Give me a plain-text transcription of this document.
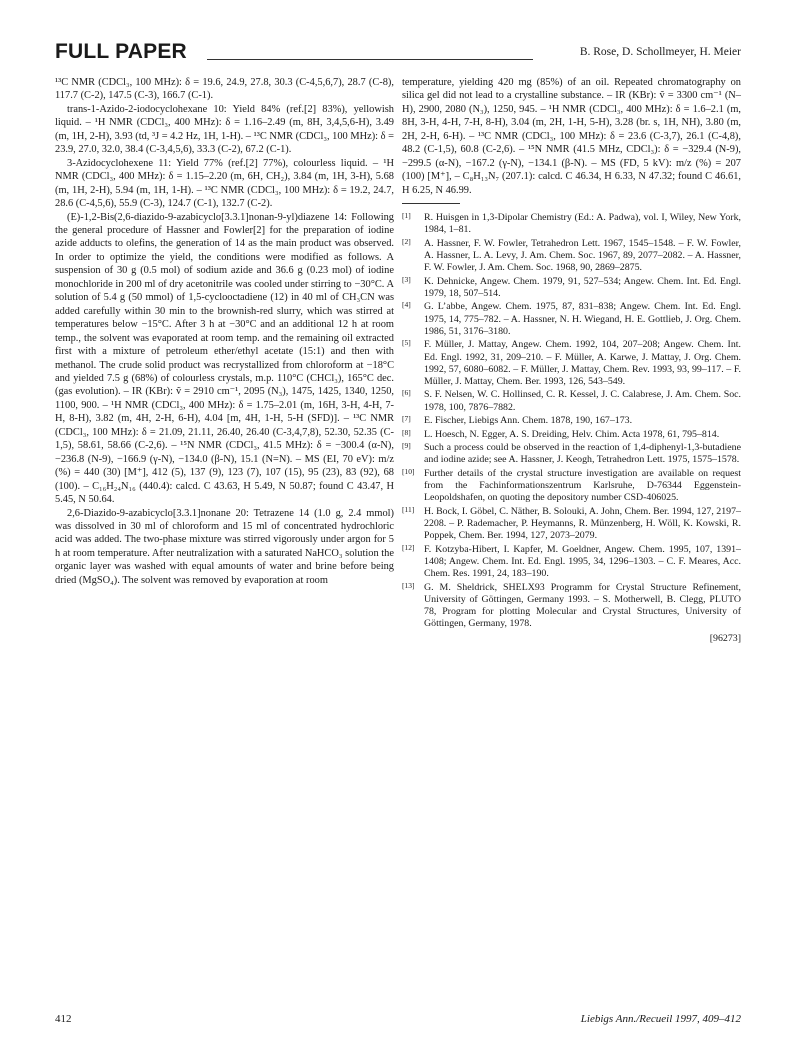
FULL PAPER	B. Rose, D. Schollmeyer, H. Meier

¹³C NMR (CDCl₃, 100 MHz): δ = 19.6, 24.9, 27.8, 30.3 (C-4,5,6,7), 28.7 (C-8), 117.7 (C-2), 147.5 (C-3), 166.7 (C-1).

trans-1-Azido-2-iodocyclohexane 10: Yield 84% (ref.[2] 83%), yellowish liquid. – ¹H NMR (CDCl₃, 400 MHz): δ = 1.16–2.49 (m, 8H, 3,4,5,6-H), 3.49 (m, 1H, 2-H), 3.93 (td, ³J = 4.2 Hz, 1H, 1-H). – ¹³C NMR (CDCl₃, 100 MHz): δ = 23.9, 27.0, 32.0, 38.4 (C-3,4,5,6), 33.3 (C-2), 67.2 (C-1).

3-Azidocyclohexene 11: Yield 77% (ref.[2] 77%), colourless liquid. – ¹H NMR (CDCl₃, 400 MHz): δ = 1.15–2.20 (m, 6H, CH₂), 3.84 (m, 1H, 3-H), 5.68 (m, 1H, 2-H), 5.94 (m, 1H, 1-H). – ¹³C NMR (CDCl₃, 100 MHz): δ = 19.2, 24.7, 28.6 (C-4,5,6), 55.9 (C-3), 124.7 (C-1), 132.7 (C-2).

(E)-1,2-Bis(2,6-diazido-9-azabicyclo[3.3.1]nonan-9-yl)diazene 14: Following the general procedure of Hassner and Fowler[2] for the preparation of iodine azide adducts to olefins, the generation of 14 as the main product was observed. In order to optimize the yield, the conditions were modified as follows. A suspension of 30 g (0.5 mol) of sodium azide and 36.6 g (0.23 mol) of iodine monochloride in 200 ml of dry acetonitrile was cooled under stirring to −30°C. A solution of 5.4 g (50 mmol) of 1,5-cyclooctadiene (12) in 40 ml of CH₃CN was added carefully within 30 min to the brownish-red slurry, which was stirred at temperatures below −15°C. After 3 h at −30°C and an additional 12 h at room temp., the solvent was evaporated at room temp. and the remaining oil extracted first with a mixture of petroleum ether/ethyl acetate (15:1) and then with methanol. The crude solid product was recrystallized from chloroform at −18°C and yielded 7.5 g (68%) of colourless crystals, m.p. 110°C (CHCl₃), 165°C dec. (gas evolution). – IR (KBr): ṽ = 2910 cm⁻¹, 2095 (N₃), 1475, 1425, 1340, 1250, 1100, 900. – ¹H NMR (CDCl₃, 400 MHz): δ = 1.75–2.01 (m, 16H, 3-H, 4-H, 7-H, 8-H), 3.82 (m, 4H, 2-H, 6-H), 4.04 [m, 4H, 1-H, 5-H (SFD)]. – ¹³C NMR (CDCl₃, 100 MHz): δ = 21.09, 21.11, 26.40, 26.40 (C-3,4,7,8), 52.30, 52.35 (C-1,5), 58.61, 58.66 (C-2,6). – ¹⁵N NMR (CDCl₃, 41.5 MHz): δ = −300.4 (α-N), −236.8 (N-9), −166.9 (γ-N), −134.0 (β-N), 15.1 (N=N). – MS (EI, 70 eV): m/z (%) = 440 (30) [M⁺], 412 (5), 137 (9), 123 (7), 107 (15), 95 (23), 83 (92), 68 (100). – C₁₆H₂₄N₁₆ (440.4): calcd. C 43.63, H 5.49, N 50.87; found C 43.47, H 5.45, N 50.64.

2,6-Diazido-9-azabicyclo[3.3.1]nonane 20: Tetrazene 14 (1.0 g, 2.4 mmol) was dissolved in 30 ml of chloroform and 15 ml of concentrated hydrochloric acid was added. The two-phase mixture was stirred vigorously under argon for 5 h at room temperature. After neutralization with a saturated NaHCO₃ solution the organic layer was washed with equal amounts of water and brine before being dried (MgSO₄). The solvent was removed by evaporation at room

temperature, yielding 420 mg (85%) of an oil. Repeated chromatography on silica gel did not lead to a crystalline substance. – IR (KBr): ṽ = 3300 cm⁻¹ (N–H), 2900, 2080 (N₃), 1250, 945. – ¹H NMR (CDCl₃, 400 MHz): δ = 1.6–2.1 (m, 8H, 3-H, 4-H, 7-H, 8-H), 3.04 (m, 2H, 1-H, 5-H), 3.28 (br. s, 1H, NH), 3.80 (m, 2H, 2-H, 6-H). – ¹³C NMR (CDCl₃, 100 MHz): δ = 23.6 (C-3,7), 26.1 (C-4,8), 48.2 (C-1,5), 60.8 (C-2,6). – ¹⁵N NMR (41.5 MHz, CDCl₃): δ = −329.4 (N-9), −299.5 (α-N), −167.2 (γ-N), −134.1 (β-N). – MS (FD, 5 kV): m/z (%) = 207 (100) [M⁺], – C₈H₁₃N₇ (207.1): calcd. C 46.34, H 6.33, N 47.32; found C 46.61, H 6.25, N 46.99.

[1] R. Huisgen in 1,3-Dipolar Chemistry (Ed.: A. Padwa), vol. I, Wiley, New York, 1984, 1–81.
[2] A. Hassner, F. W. Fowler, Tetrahedron Lett. 1967, 1545–1548. – F. W. Fowler, A. Hassner, L. A. Levy, J. Am. Chem. Soc. 1967, 89, 2077–2082. – A. Hassner, F. W. Fowler, J. Am. Chem. Soc. 1968, 90, 2869–2875.
[3] K. Dehnicke, Angew. Chem. 1979, 91, 527–534; Angew. Chem. Int. Ed. Engl. 1979, 18, 507–514.
[4] G. L’abbe, Angew. Chem. 1975, 87, 831–838; Angew. Chem. Int. Ed. Engl. 1975, 14, 775–782. – A. Hassner, N. H. Wiegand, H. E. Gottlieb, J. Org. Chem. 1986, 51, 3176–3180.
[5] F. Müller, J. Mattay, Angew. Chem. 1992, 104, 207–208; Angew. Chem. Int. Ed. Engl. 1992, 31, 209–210. – F. Müller, A. Karwe, J. Mattay, J. Org. Chem. 1992, 57, 6080–6082. – F. Müller, J. Mattay, Chem. Rev. 1993, 93, 99–117. – F. Müller, J. Mattay, Chem. Ber. 1993, 126, 543–549.
[6] S. F. Nelsen, W. C. Hollinsed, C. R. Kessel, J. C. Calabrese, J. Am. Chem. Soc. 1978, 100, 7876–7882.
[7] E. Fischer, Liebigs Ann. Chem. 1878, 190, 167–173.
[8] L. Hoesch, N. Egger, A. S. Dreiding, Helv. Chim. Acta 1978, 61, 795–814.
[9] Such a process could be observed in the reaction of 1,4-diphenyl-1,3-butadiene and iodine azide; see A. Hassner, J. Keogh, Tetrahedron Lett. 1975, 1575–1578.
[10] Further details of the crystal structure investigation are available on request from the Fachinformationszentrum Karlsruhe, D-76344 Eggenstein-Leopoldshafen, on quoting the depository number CSD-406025.
[11] H. Bock, I. Göbel, C. Näther, B. Solouki, A. John, Chem. Ber. 1994, 127, 2197–2208. – P. Rademacher, P. Heymanns, R. Münzenberg, H. Wöll, K. Kowski, R. Poppek, Chem. Ber. 1994, 127, 2073–2079.
[12] F. Kotzyba-Hibert, I. Kapfer, M. Goeldner, Angew. Chem. 1995, 107, 1391–1408; Angew. Chem. Int. Ed. Engl. 1995, 34, 1296–1303. – C. F. Meares, Acc. Chem. Res. 1991, 24, 183–190.
[13] G. M. Sheldrick, SHELX93 Programm for Crystal Structure Refinement, University of Göttingen, Germany 1993. – S. Motherwell, B. Clegg, PLUTO 78, Program for plotting Molecular and Crystal Structures, University of Göttingen, Germany, 1978.
[96273]
412	Liebigs Ann./Recueil 1997, 409–412
